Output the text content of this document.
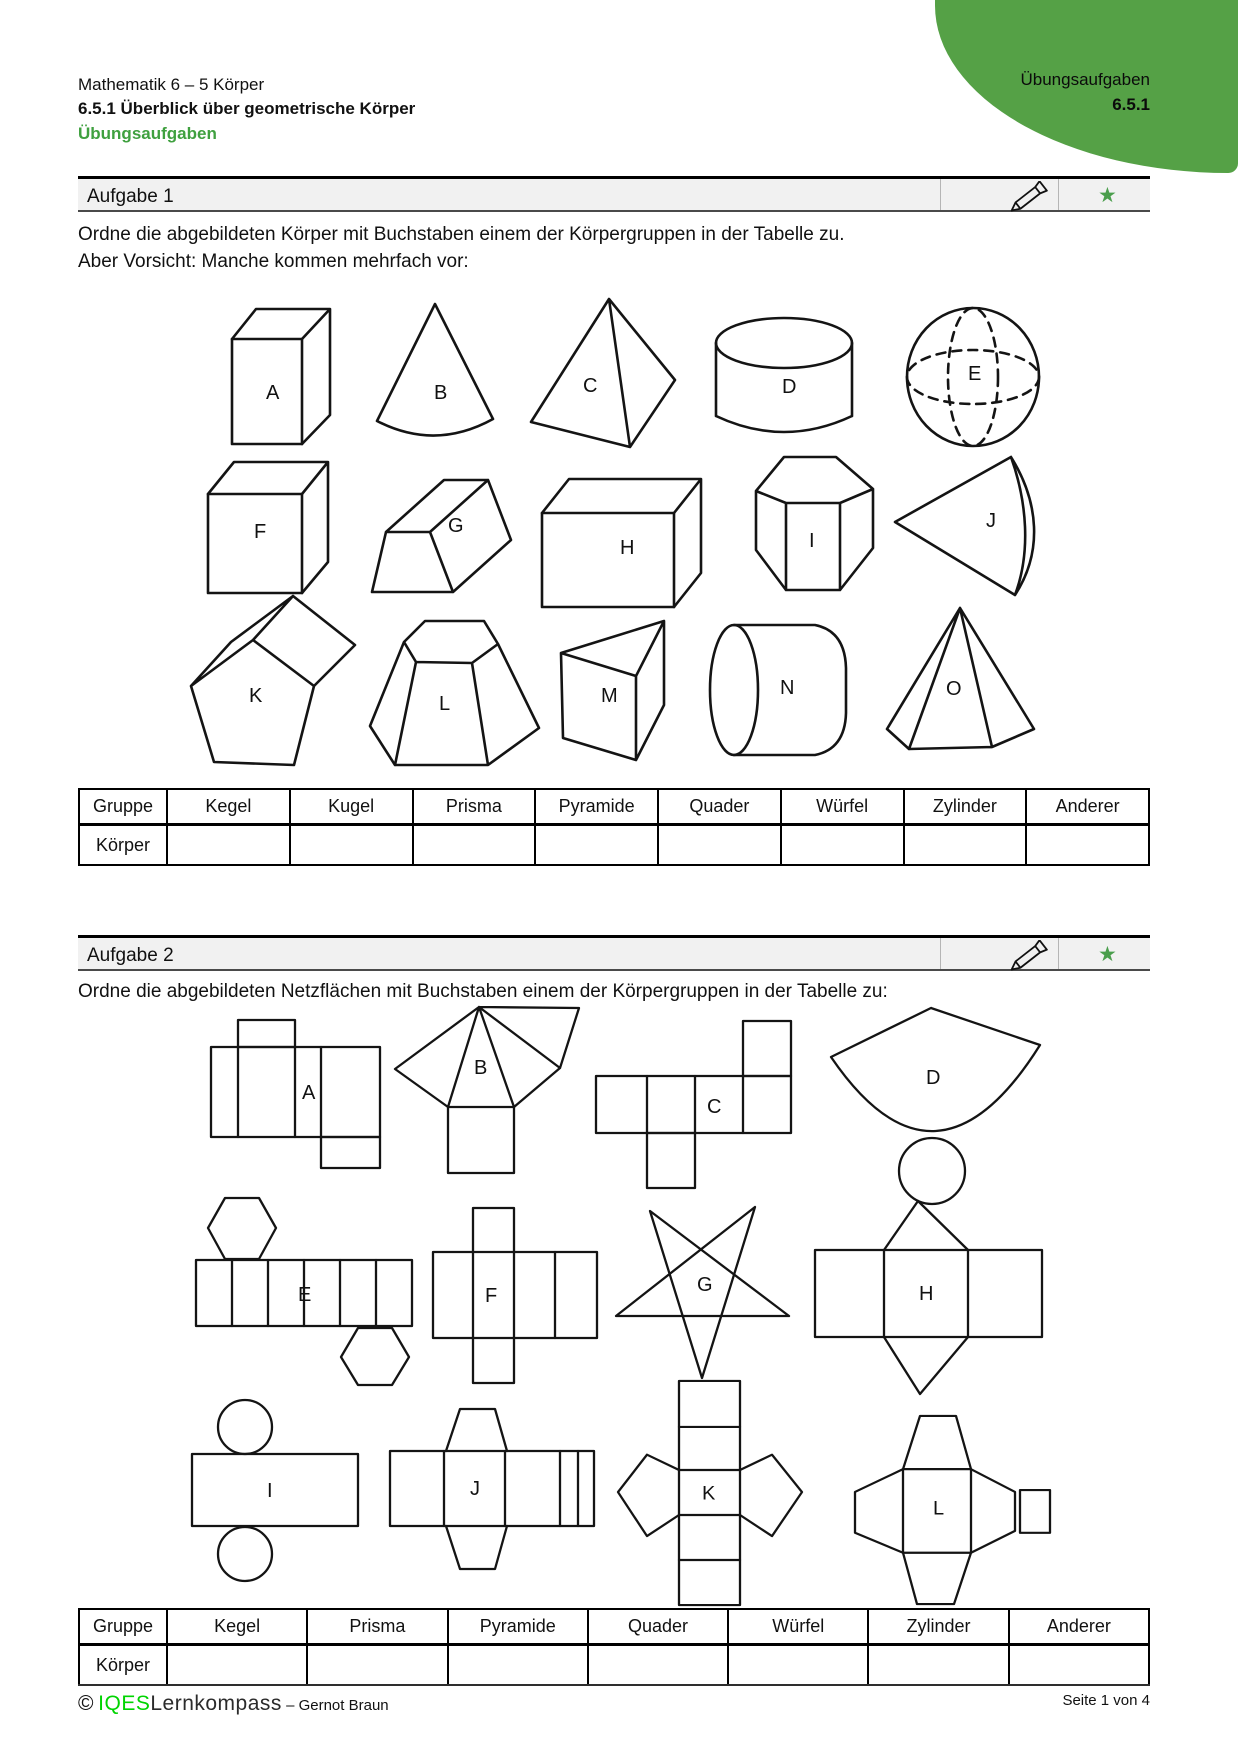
Mathematik 6 – 5 Körper
6.5.1 Überblick über geometrische Körper
Übungsaufgaben
Übungsaufgaben
6.5.1
Aufgabe 1	★
Ordne die abgebildeten Körper mit Buchstaben einem der Körpergruppen in der Tabelle zu.
Aber Vorsicht: Manche kommen mehrfach vor:
A	B	C	D
E
F	G
H	I
J
K	L	M	N	O
Gruppe	Kegel	Kugel	Prisma	Pyramide	Quader	Würfel	Zylinder	Anderer
Körper								
Aufgabe 2	★
Ordne die abgebildeten Netzflächen mit Buchstaben einem der Körpergruppen in der Tabelle zu:
A
B
C
D
E	F	G	H
I	J	K
L
Gruppe	Kegel	Prisma	Pyramide	Quader	Würfel	Zylinder	Anderer
Körper							
© IQESLernkompass – Gernot Braun	Seite 1 von 4
